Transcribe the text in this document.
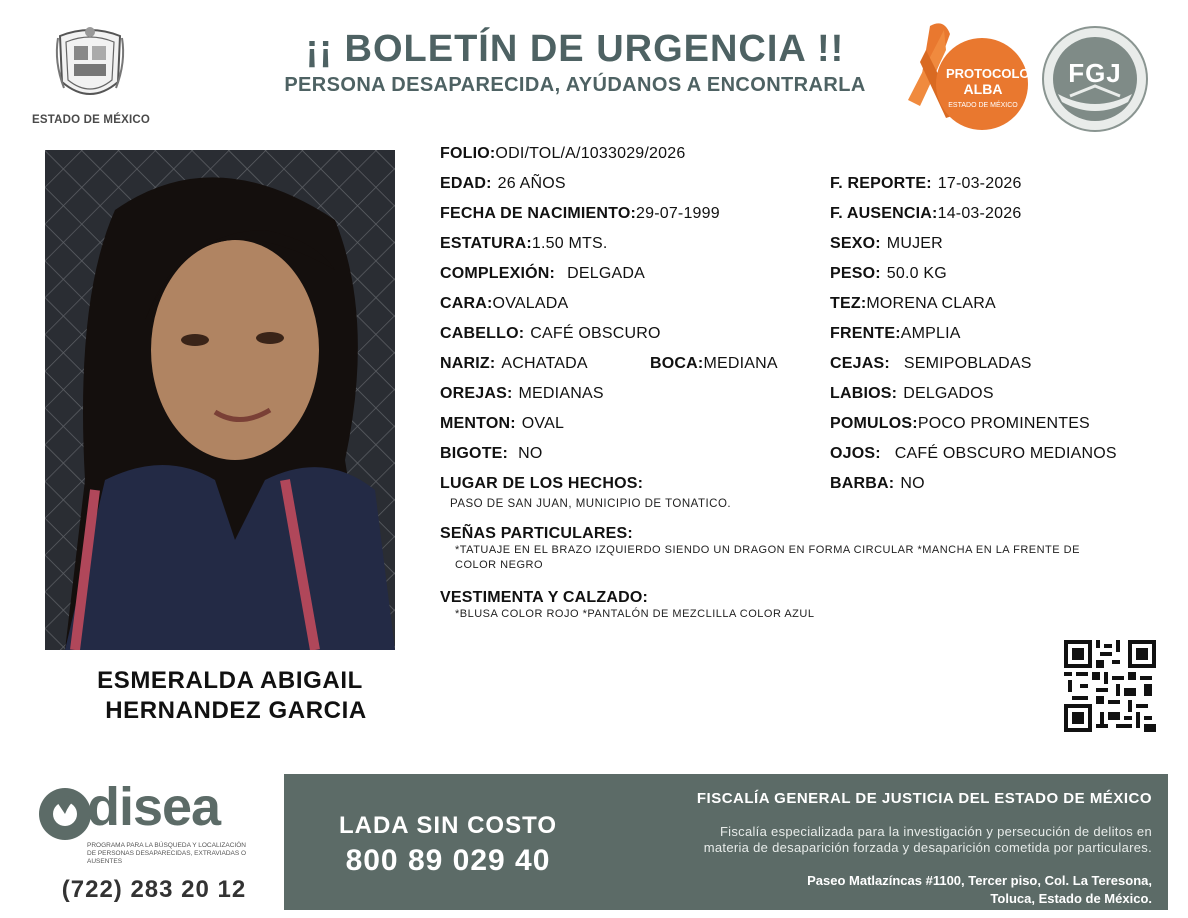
ESTADO DE MÉXICO
¡¡ BOLETÍN DE URGENCIA !!
PERSONA DESAPARECIDA, AYÚDANOS A ENCONTRARLA
PROTOCOLO
ALBA
ESTADO DE MÉXICO
FGJ
ESMERALDA ABIGAIL
HERNANDEZ GARCIA
FOLIO:ODI/TOL/A/1033029/2026
EDAD: 26 AÑOS
FECHA DE NACIMIENTO:29-07-1999
ESTATURA:1.50 MTS.
COMPLEXIÓN: DELGADA
CARA:OVALADA
CABELLO: CAFÉ OBSCURO
NARIZ: ACHATADA	BOCA:MEDIANA
OREJAS: MEDIANAS
MENTON: OVAL
BIGOTE: NO
F. REPORTE: 17-03-2026
F. AUSENCIA:14-03-2026
SEXO: MUJER
PESO: 50.0 KG
TEZ:MORENA CLARA
FRENTE:AMPLIA
CEJAS: SEMIPOBLADAS
LABIOS: DELGADOS
POMULOS:POCO PROMINENTES
OJOS: CAFÉ OBSCURO MEDIANOS
BARBA: NO
LUGAR DE LOS HECHOS:
PASO DE SAN JUAN, MUNICIPIO DE TONATICO.
SEÑAS PARTICULARES:
*TATUAJE EN EL BRAZO IZQUIERDO SIENDO UN DRAGON EN FORMA CIRCULAR *MANCHA EN LA FRENTE DE
COLOR NEGRO
VESTIMENTA Y CALZADO:
*BLUSA COLOR ROJO *PANTALÓN DE MEZCLILLA COLOR AZUL
disea
PROGRAMA PARA LA BÚSQUEDA Y LOCALIZACIÓN
DE PERSONAS DESAPARECIDAS, EXTRAVIADAS O
AUSENTES
(722) 283 20 12
LADA SIN COSTO
800 89 029 40
FISCALÍA GENERAL DE JUSTICIA DEL ESTADO DE MÉXICO
Fiscalía especializada para la investigación y persecución de delitos en
materia de desaparición forzada y desaparición cometida por particulares.
Paseo Matlazíncas #1100, Tercer piso, Col. La Teresona,
Toluca, Estado de México.
